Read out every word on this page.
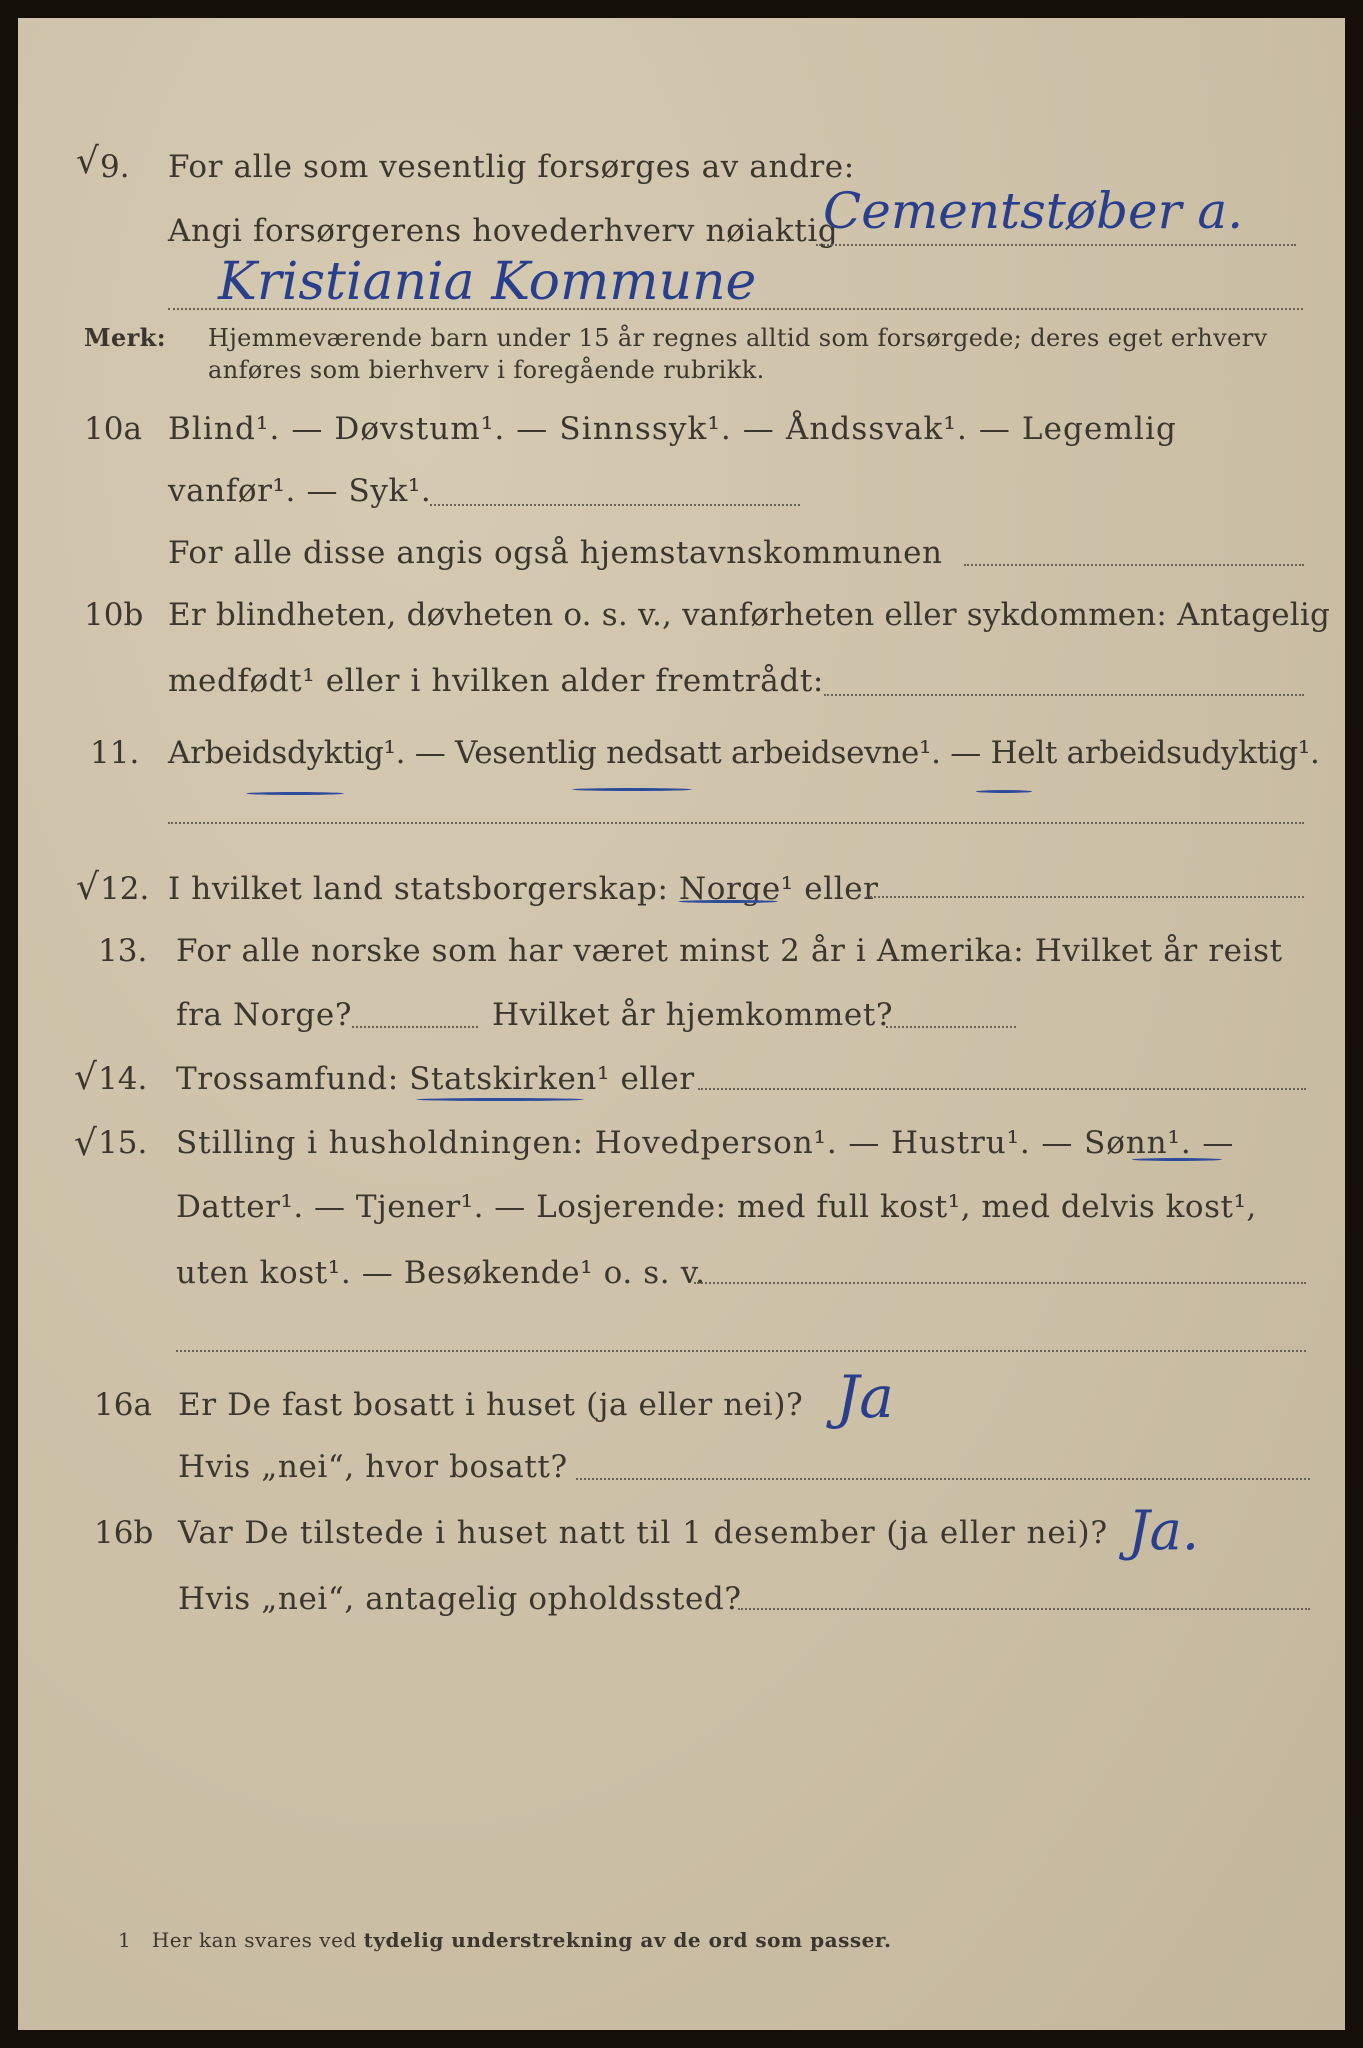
√ 9. For alle som vesentlig forsørges av andre:
Angi forsørgerens hovederhverv nøiaktig
Cementstøber a.
Kristiania Kommune
Merk: Hjemmeværende barn under 15 år regnes alltid som forsørgede; deres eget erhverv
anføres som bierhverv i foregående rubrikk.
10a Blind¹. — Døvstum¹. — Sinnssyk¹. — Åndssvak¹. — Legemlig
vanfør¹. — Syk¹.
For alle disse angis også hjemstavnskommunen
10b Er blindheten, døvheten o. s. v., vanførheten eller sykdommen: Antagelig
medfødt¹ eller i hvilken alder fremtrådt:
11. Arbeidsdyktig¹. — Vesentlig nedsatt arbeidsevne¹. — Helt arbeidsudyktig¹.
√ 12. I hvilket land statsborgerskap: Norge¹ eller
13. For alle norske som har været minst 2 år i Amerika: Hvilket år reist
fra Norge?	Hvilket år hjemkommet?
√ 14. Trossamfund: Statskirken¹ eller
√ 15. Stilling i husholdningen: Hovedperson¹. — Hustru¹. — Sønn¹. —
Datter¹. — Tjener¹. — Losjerende: med full kost¹, med delvis kost¹,
uten kost¹. — Besøkende¹ o. s. v.
16a Er De fast bosatt i huset (ja eller nei)? Ja
Hvis „nei“, hvor bosatt?
16b Var De tilstede i huset natt til 1 desember (ja eller nei)? Ja.
Hvis „nei“, antagelig opholdssted?
1 Her kan svares ved tydelig understrekning av de ord som passer.
